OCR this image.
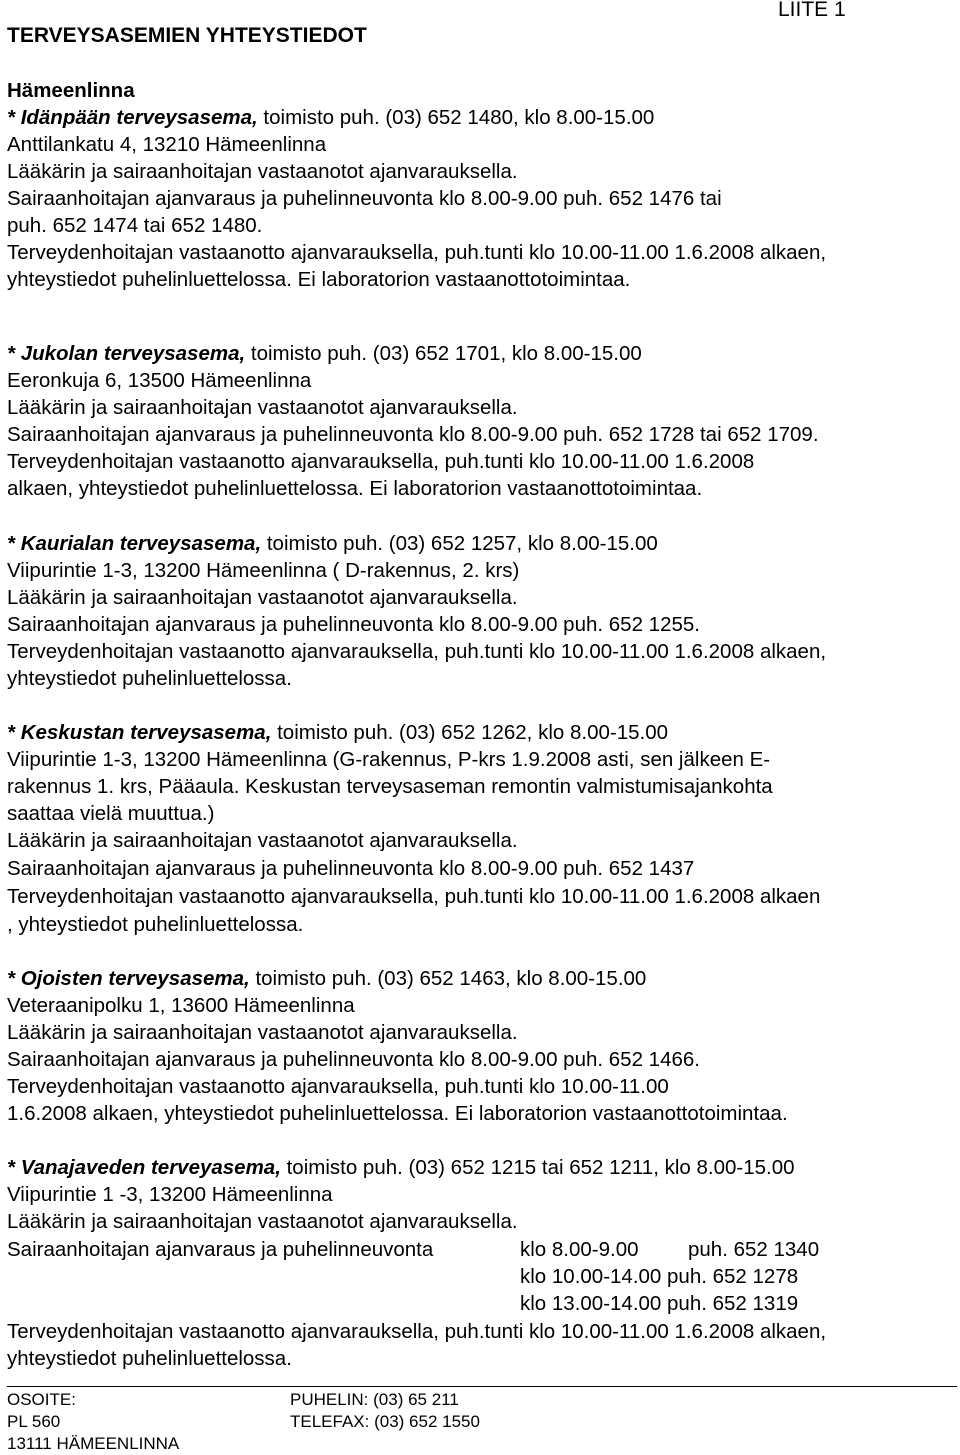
LIITE 1
TERVEYSASEMIEN YHTEYSTIEDOT
Hämeenlinna
* Idänpään terveysasema, toimisto puh. (03) 652 1480, klo 8.00-15.00
Anttilankatu 4, 13210 Hämeenlinna
Lääkärin ja sairaanhoitajan vastaanotot ajanvarauksella.
Sairaanhoitajan ajanvaraus ja puhelinneuvonta klo 8.00-9.00 puh. 652 1476 tai
puh. 652 1474 tai 652 1480.
Terveydenhoitajan vastaanotto ajanvarauksella, puh.tunti klo 10.00-11.00 1.6.2008 alkaen,
yhteystiedot puhelinluettelossa. Ei laboratorion vastaanottotoimintaa.
* Jukolan terveysasema, toimisto puh. (03) 652 1701, klo 8.00-15.00
Eeronkuja 6, 13500 Hämeenlinna
Lääkärin ja sairaanhoitajan vastaanotot ajanvarauksella.
Sairaanhoitajan ajanvaraus ja puhelinneuvonta klo 8.00-9.00 puh. 652 1728 tai 652 1709.
Terveydenhoitajan vastaanotto ajanvarauksella, puh.tunti klo 10.00-11.00 1.6.2008
alkaen, yhteystiedot puhelinluettelossa. Ei laboratorion vastaanottotoimintaa.
* Kaurialan terveysasema, toimisto puh. (03) 652 1257, klo 8.00-15.00
Viipurintie 1-3, 13200 Hämeenlinna ( D-rakennus, 2. krs)
Lääkärin ja sairaanhoitajan vastaanotot ajanvarauksella.
Sairaanhoitajan ajanvaraus ja puhelinneuvonta klo 8.00-9.00 puh. 652 1255.
Terveydenhoitajan vastaanotto ajanvarauksella, puh.tunti klo 10.00-11.00 1.6.2008 alkaen,
yhteystiedot puhelinluettelossa.
* Keskustan terveysasema, toimisto puh. (03) 652 1262, klo 8.00-15.00
Viipurintie 1-3, 13200 Hämeenlinna (G-rakennus, P-krs 1.9.2008 asti, sen jälkeen E-
rakennus 1. krs, Pääaula. Keskustan terveysaseman remontin valmistumisajankohta
saattaa vielä muuttua.)
Lääkärin ja sairaanhoitajan vastaanotot ajanvarauksella.
Sairaanhoitajan ajanvaraus ja puhelinneuvonta klo 8.00-9.00 puh. 652 1437
Terveydenhoitajan vastaanotto ajanvarauksella, puh.tunti klo 10.00-11.00 1.6.2008 alkaen
, yhteystiedot puhelinluettelossa.
* Ojoisten terveysasema, toimisto puh. (03) 652 1463, klo 8.00-15.00
Veteraanipolku 1, 13600 Hämeenlinna
Lääkärin ja sairaanhoitajan vastaanotot ajanvarauksella.
Sairaanhoitajan ajanvaraus ja puhelinneuvonta klo 8.00-9.00 puh. 652 1466.
Terveydenhoitajan vastaanotto ajanvarauksella, puh.tunti klo 10.00-11.00
1.6.2008 alkaen, yhteystiedot puhelinluettelossa. Ei laboratorion vastaanottotoimintaa.
* Vanajaveden terveyasema, toimisto puh. (03) 652 1215 tai 652 1211, klo 8.00-15.00
Viipurintie 1 -3, 13200 Hämeenlinna
Lääkärin ja sairaanhoitajan vastaanotot ajanvarauksella.
Sairaanhoitajan ajanvaraus ja puhelinneuvonta	klo 8.00-9.00 puh. 652 1340
klo 10.00-14.00 puh. 652 1278
klo 13.00-14.00 puh. 652 1319
Terveydenhoitajan vastaanotto ajanvarauksella, puh.tunti klo 10.00-11.00 1.6.2008 alkaen,
yhteystiedot puhelinluettelossa.
OSOITE:
PL 560
13111 HÄMEENLINNA
PUHELIN: (03) 65 211
TELEFAX: (03) 652 1550
